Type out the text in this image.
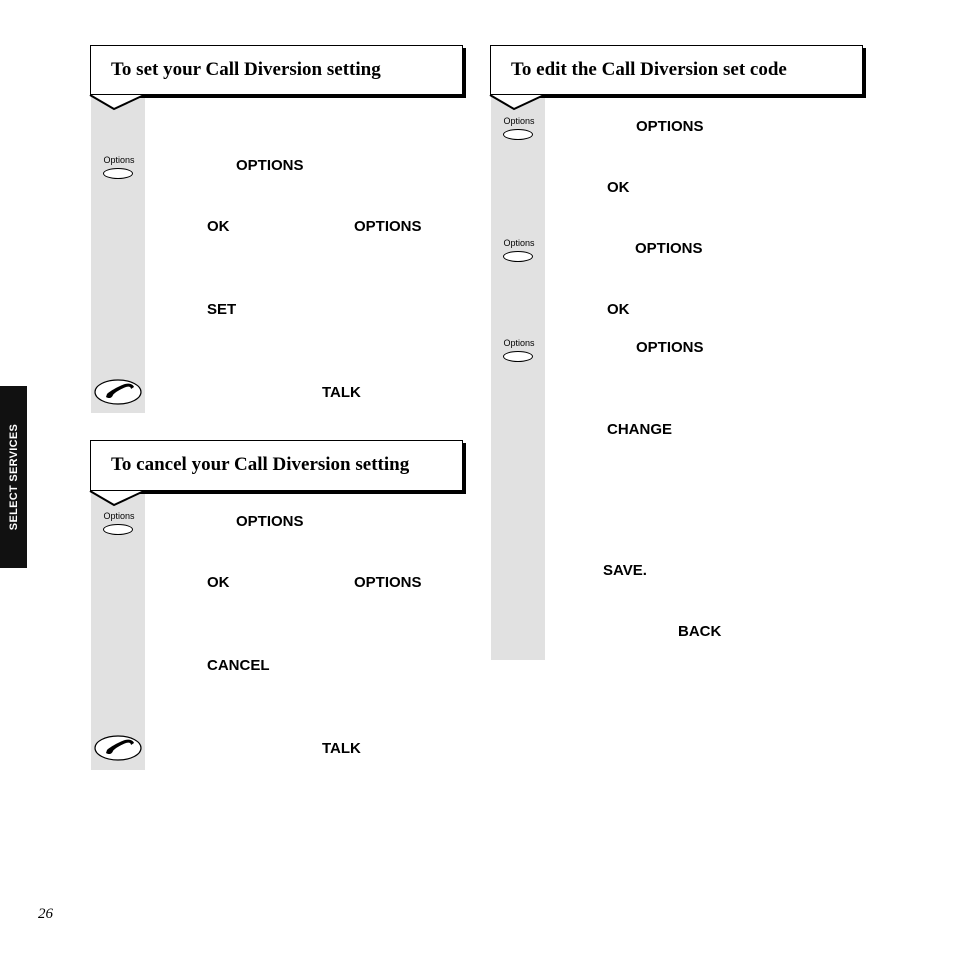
SELECT SERVICES
To set your Call Diversion setting
Options	OPTIONS
OK	OPTIONS
SET
TALK
To cancel your Call Diversion setting
Options	OPTIONS
OK	OPTIONS
CANCEL
TALK
To edit the Call Diversion set code
Options	OPTIONS
OK
Options	OPTIONS
OK
Options	OPTIONS
CHANGE
SAVE.
BACK
26
